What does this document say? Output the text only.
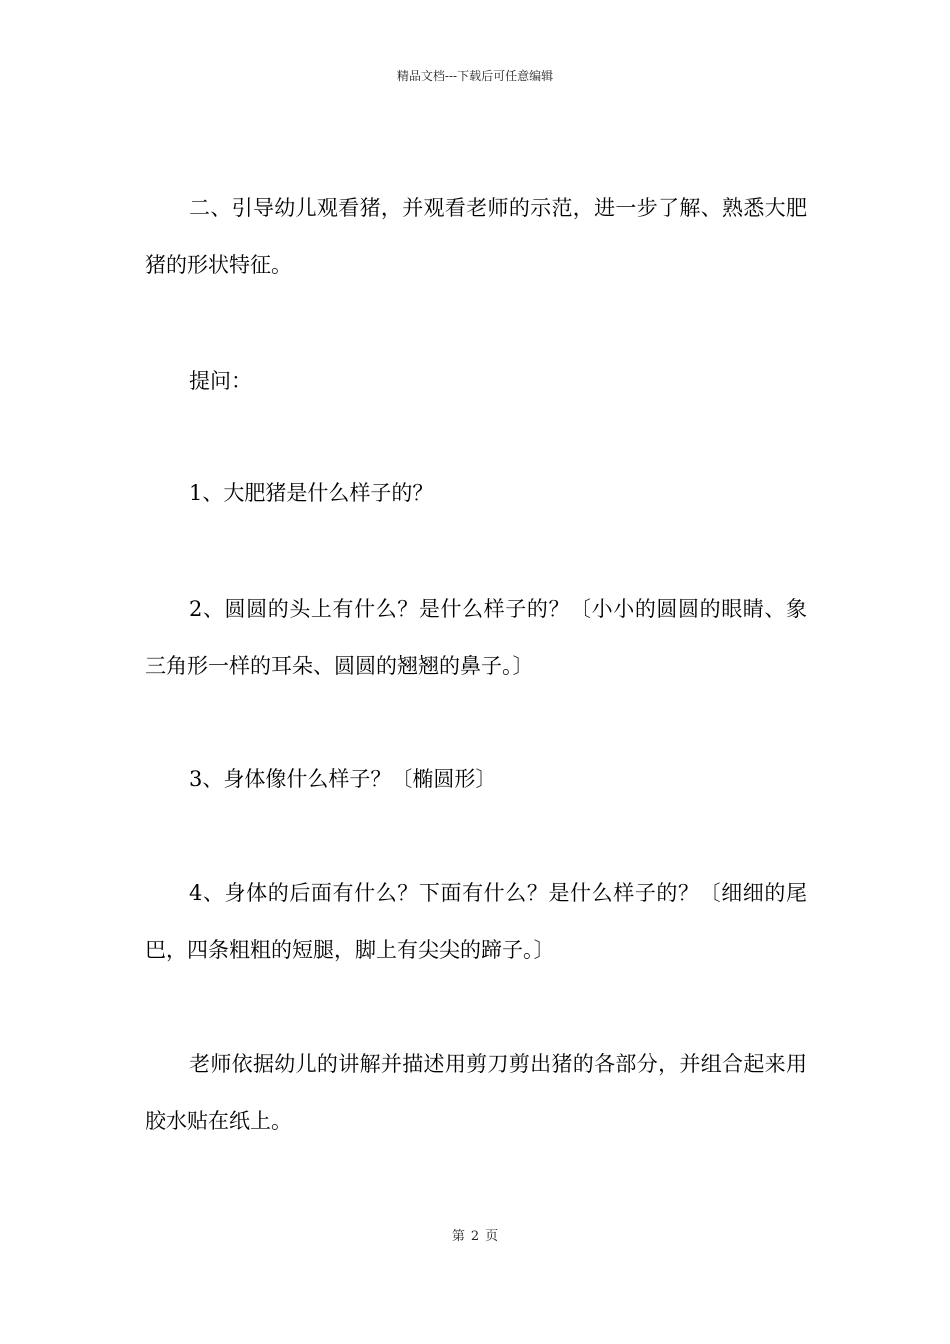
精品文档---下载后可任意编辑

二、引导幼儿观看猪，并观看老师的示范，进一步了解、熟悉大肥猪的形状特征。

提问：

1、大肥猪是什么样子的？

2、圆圆的头上有什么？是什么样子的？〔小小的圆圆的眼睛、象三角形一样的耳朵、圆圆的翘翘的鼻子。〕

3、身体像什么样子？〔椭圆形〕

4、身体的后面有什么？下面有什么？是什么样子的？〔细细的尾巴，四条粗粗的短腿，脚上有尖尖的蹄子。〕

老师依据幼儿的讲解并描述用剪刀剪出猪的各部分，并组合起来用胶水贴在纸上。

第 2 页
